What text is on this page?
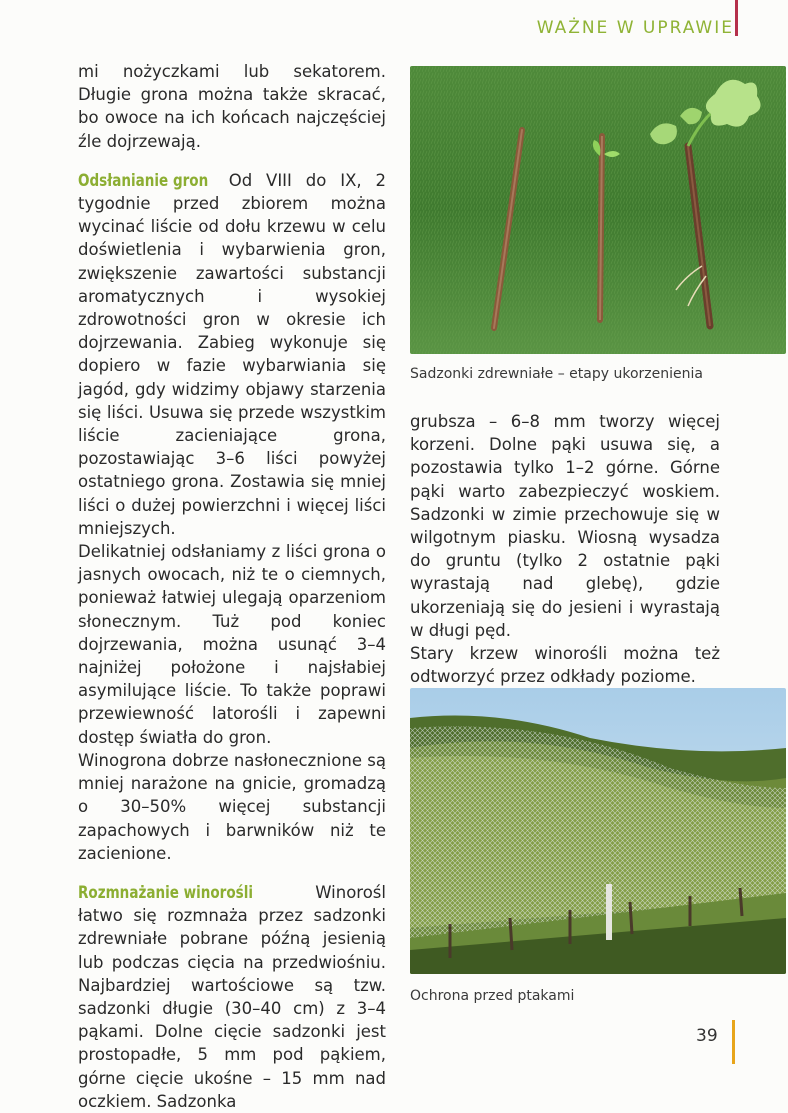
WAŻNE W UPRAWIE

mi nożyczkami lub sekatorem. Długie grona można także skracać, bo owoce na ich końcach najczęściej źle dojrzewają.

Odsłanianie gron Od VIII do IX, 2 tygodnie przed zbiorem można wycinać liście od dołu krzewu w celu doświetlenia i wybarwienia gron, zwiększenie zawartości substancji aromatycznych i wysokiej zdrowotności gron w okresie ich dojrzewania. Zabieg wykonuje się dopiero w fazie wybarwiania się jagód, gdy widzimy objawy starzenia się liści. Usuwa się przede wszystkim liście zacieniające grona, pozostawiając 3–6 liści powyżej ostatniego grona. Zostawia się mniej liści o dużej powierzchni i więcej liści mniejszych.

Delikatniej odsłaniamy z liści grona o jasnych owocach, niż te o ciemnych, ponieważ łatwiej ulegają oparzeniom słonecznym. Tuż pod koniec dojrzewania, można usunąć 3–4 najniżej położone i najsłabiej asymilujące liście. To także poprawi przewiewność latorośli i zapewni dostęp światła do gron.

Winogrona dobrze nasłonecznione są mniej narażone na gnicie, gromadzą o 30–50% więcej substancji zapachowych i barwników niż te zacienione.

Rozmnażanie winorośli	Winorośl łatwo się rozmnaża przez sadzonki zdrewniałe pobrane późną jesienią lub podczas cięcia na przedwiośniu. Najbardziej wartościowe są tzw. sadzonki długie (30–40 cm) z 3–4 pąkami. Dolne cięcie sadzonki jest prostopadłe, 5 mm pod pąkiem, górne cięcie ukośne – 15 mm nad oczkiem. Sadzonka

Sadzonki zdrewniałe – etapy ukorzenienia

grubsza – 6–8 mm tworzy więcej korzeni. Dolne pąki usuwa się, a pozostawia tylko 1–2 górne. Górne pąki warto zabezpieczyć woskiem. Sadzonki w zimie przechowuje się w wilgotnym piasku. Wiosną wysadza do gruntu (tylko 2 ostatnie pąki wyrastają nad glebę), gdzie ukorzeniają się do jesieni i wyrastają w długi pęd.

Stary krzew winorośli można też odtworzyć przez odkłady poziome.

Ochrona przed ptakami
39
